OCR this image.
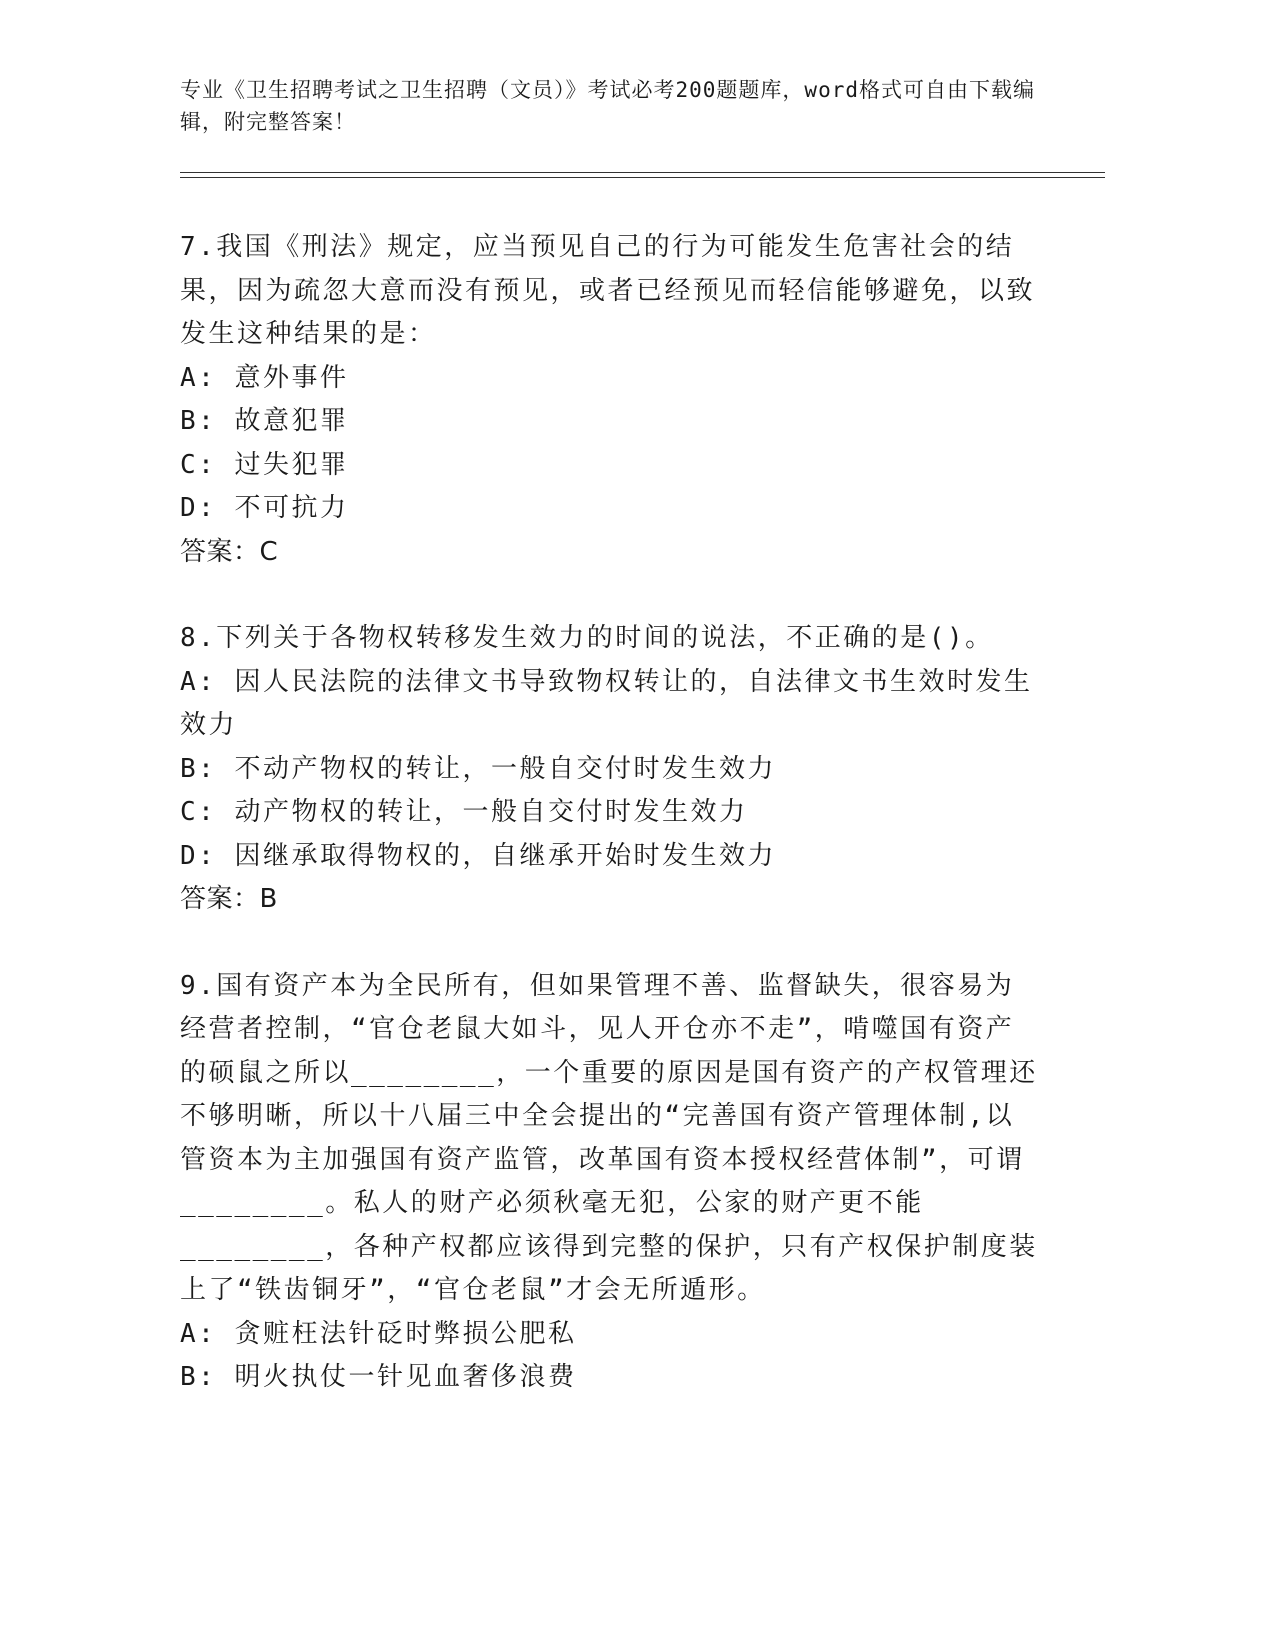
专业《卫生招聘考试之卫生招聘（文员）》考试必考200题题库，word格式可自由下载编辑，附完整答案！
7.我国《刑法》规定，应当预见自己的行为可能发生危害社会的结果，因为疏忽大意而没有预见，或者已经预见而轻信能够避免，以致发生这种结果的是：
A: 意外事件
B: 故意犯罪
C: 过失犯罪
D: 不可抗力
答案：C
8.下列关于各物权转移发生效力的时间的说法，不正确的是()。
A: 因人民法院的法律文书导致物权转让的，自法律文书生效时发生效力
B: 不动产物权的转让，一般自交付时发生效力
C: 动产物权的转让，一般自交付时发生效力
D: 因继承取得物权的，自继承开始时发生效力
答案：B
9.国有资产本为全民所有，但如果管理不善、监督缺失，很容易为经营者控制，“官仓老鼠大如斗，见人开仓亦不走”，啃噬国有资产的硕鼠之所以________，一个重要的原因是国有资产的产权管理还不够明晰，所以十八届三中全会提出的“完善国有资产管理体制,以管资本为主加强国有资产监管，改革国有资本授权经营体制”，可谓________。私人的财产必须秋毫无犯，公家的财产更不能________，各种产权都应该得到完整的保护，只有产权保护制度装上了“铁齿铜牙”，“官仓老鼠”才会无所遁形。
A: 贪赃枉法针砭时弊损公肥私
B: 明火执仗一针见血奢侈浪费
